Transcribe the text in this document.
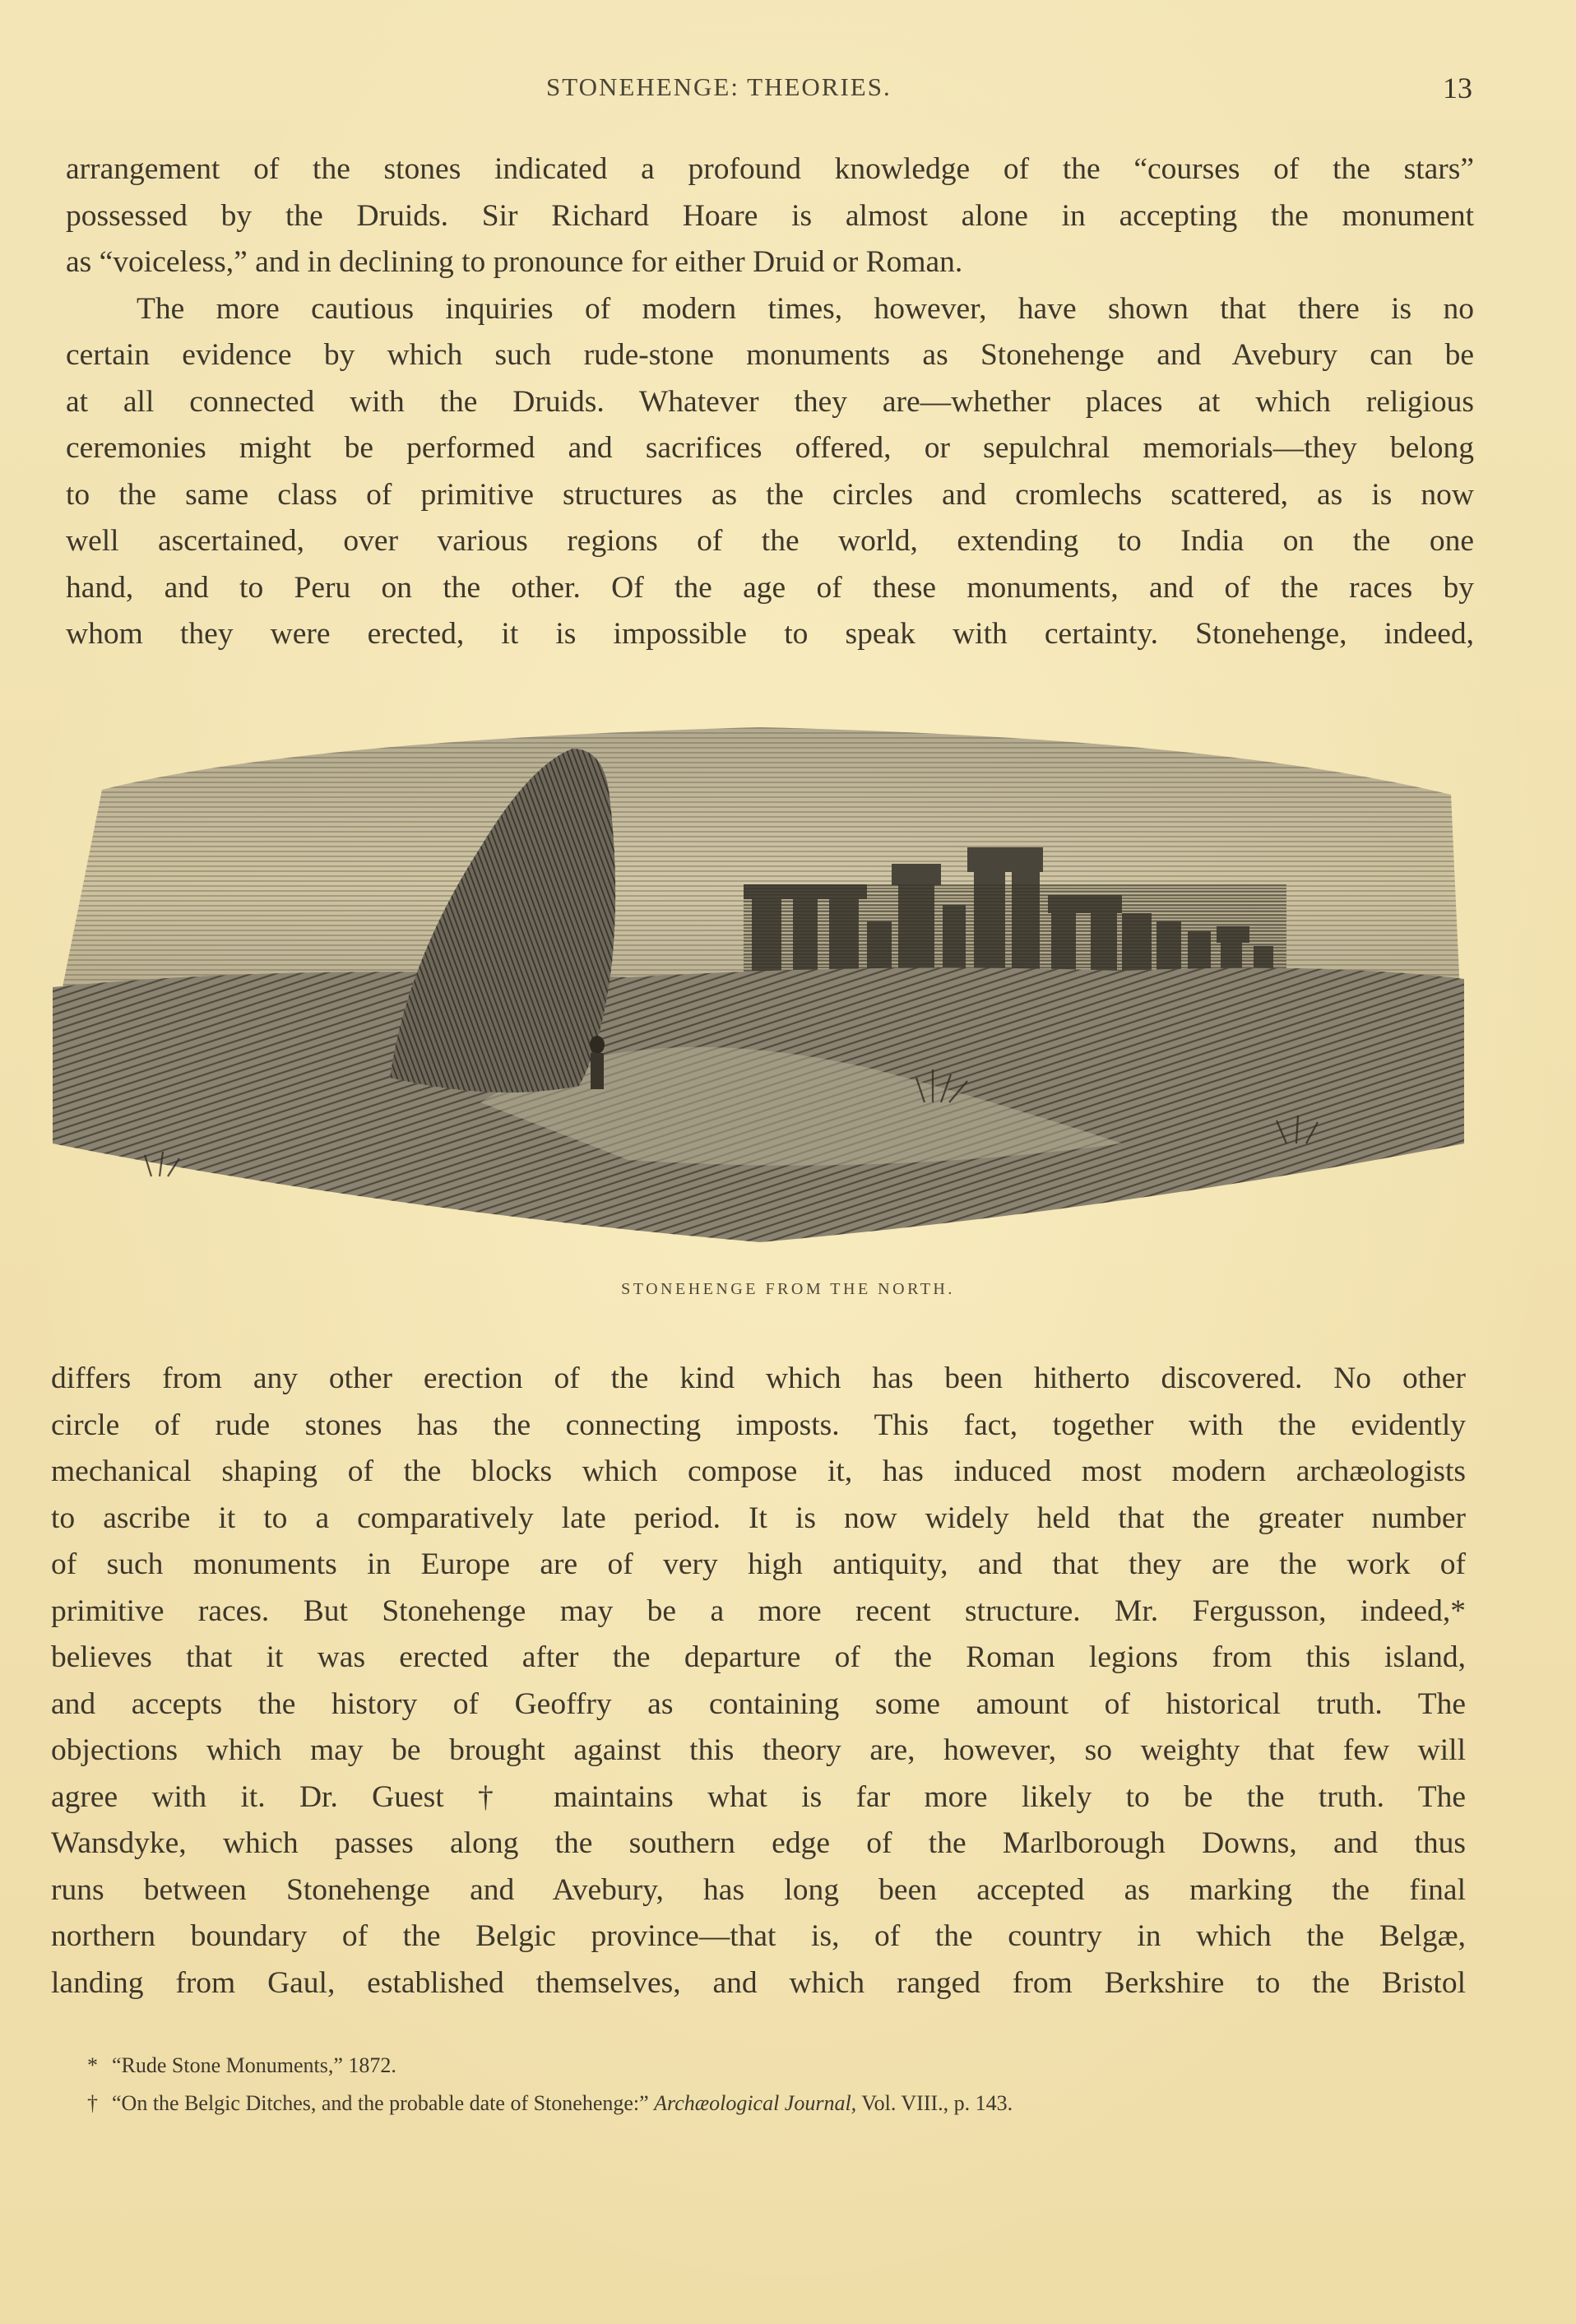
STONEHENGE: THEORIES.	13
arrangement of the stones indicated a profound knowledge of the “courses of the stars”
possessed by the Druids. Sir Richard Hoare is almost alone in accepting the monument
as “voiceless,” and in declining to pronounce for either Druid or Roman.
The more cautious inquiries of modern times, however, have shown that there is no
certain evidence by which such rude-stone monuments as Stonehenge and Avebury can be
at all connected with the Druids. Whatever they are—whether places at which religious
ceremonies might be performed and sacrifices offered, or sepulchral memorials—they belong
to the same class of primitive structures as the circles and cromlechs scattered, as is now
well ascertained, over various regions of the world, extending to India on the one
hand, and to Peru on the other. Of the age of these monuments, and of the races by
whom they were erected, it is impossible to speak with certainty. Stonehenge, indeed,
STONEHENGE FROM THE NORTH.
differs from any other erection of the kind which has been hitherto discovered. No other
circle of rude stones has the connecting imposts. This fact, together with the evidently
mechanical shaping of the blocks which compose it, has induced most modern archæologists
to ascribe it to a comparatively late period. It is now widely held that the greater number
of such monuments in Europe are of very high antiquity, and that they are the work of
primitive races. But Stonehenge may be a more recent structure. Mr. Fergusson, indeed,*
believes that it was erected after the departure of the Roman legions from this island,
and accepts the history of Geoffry as containing some amount of historical truth. The
objections which may be brought against this theory are, however, so weighty that few will
agree with it. Dr. Guest † maintains what is far more likely to be the truth. The
Wansdyke, which passes along the southern edge of the Marlborough Downs, and thus
runs between Stonehenge and Avebury, has long been accepted as marking the final
northern boundary of the Belgic province—that is, of the country in which the Belgæ,
landing from Gaul, established themselves, and which ranged from Berkshire to the Bristol
* “Rude Stone Monuments,” 1872.
† “On the Belgic Ditches, and the probable date of Stonehenge:” Archæological Journal, Vol. VIII., p. 143.
